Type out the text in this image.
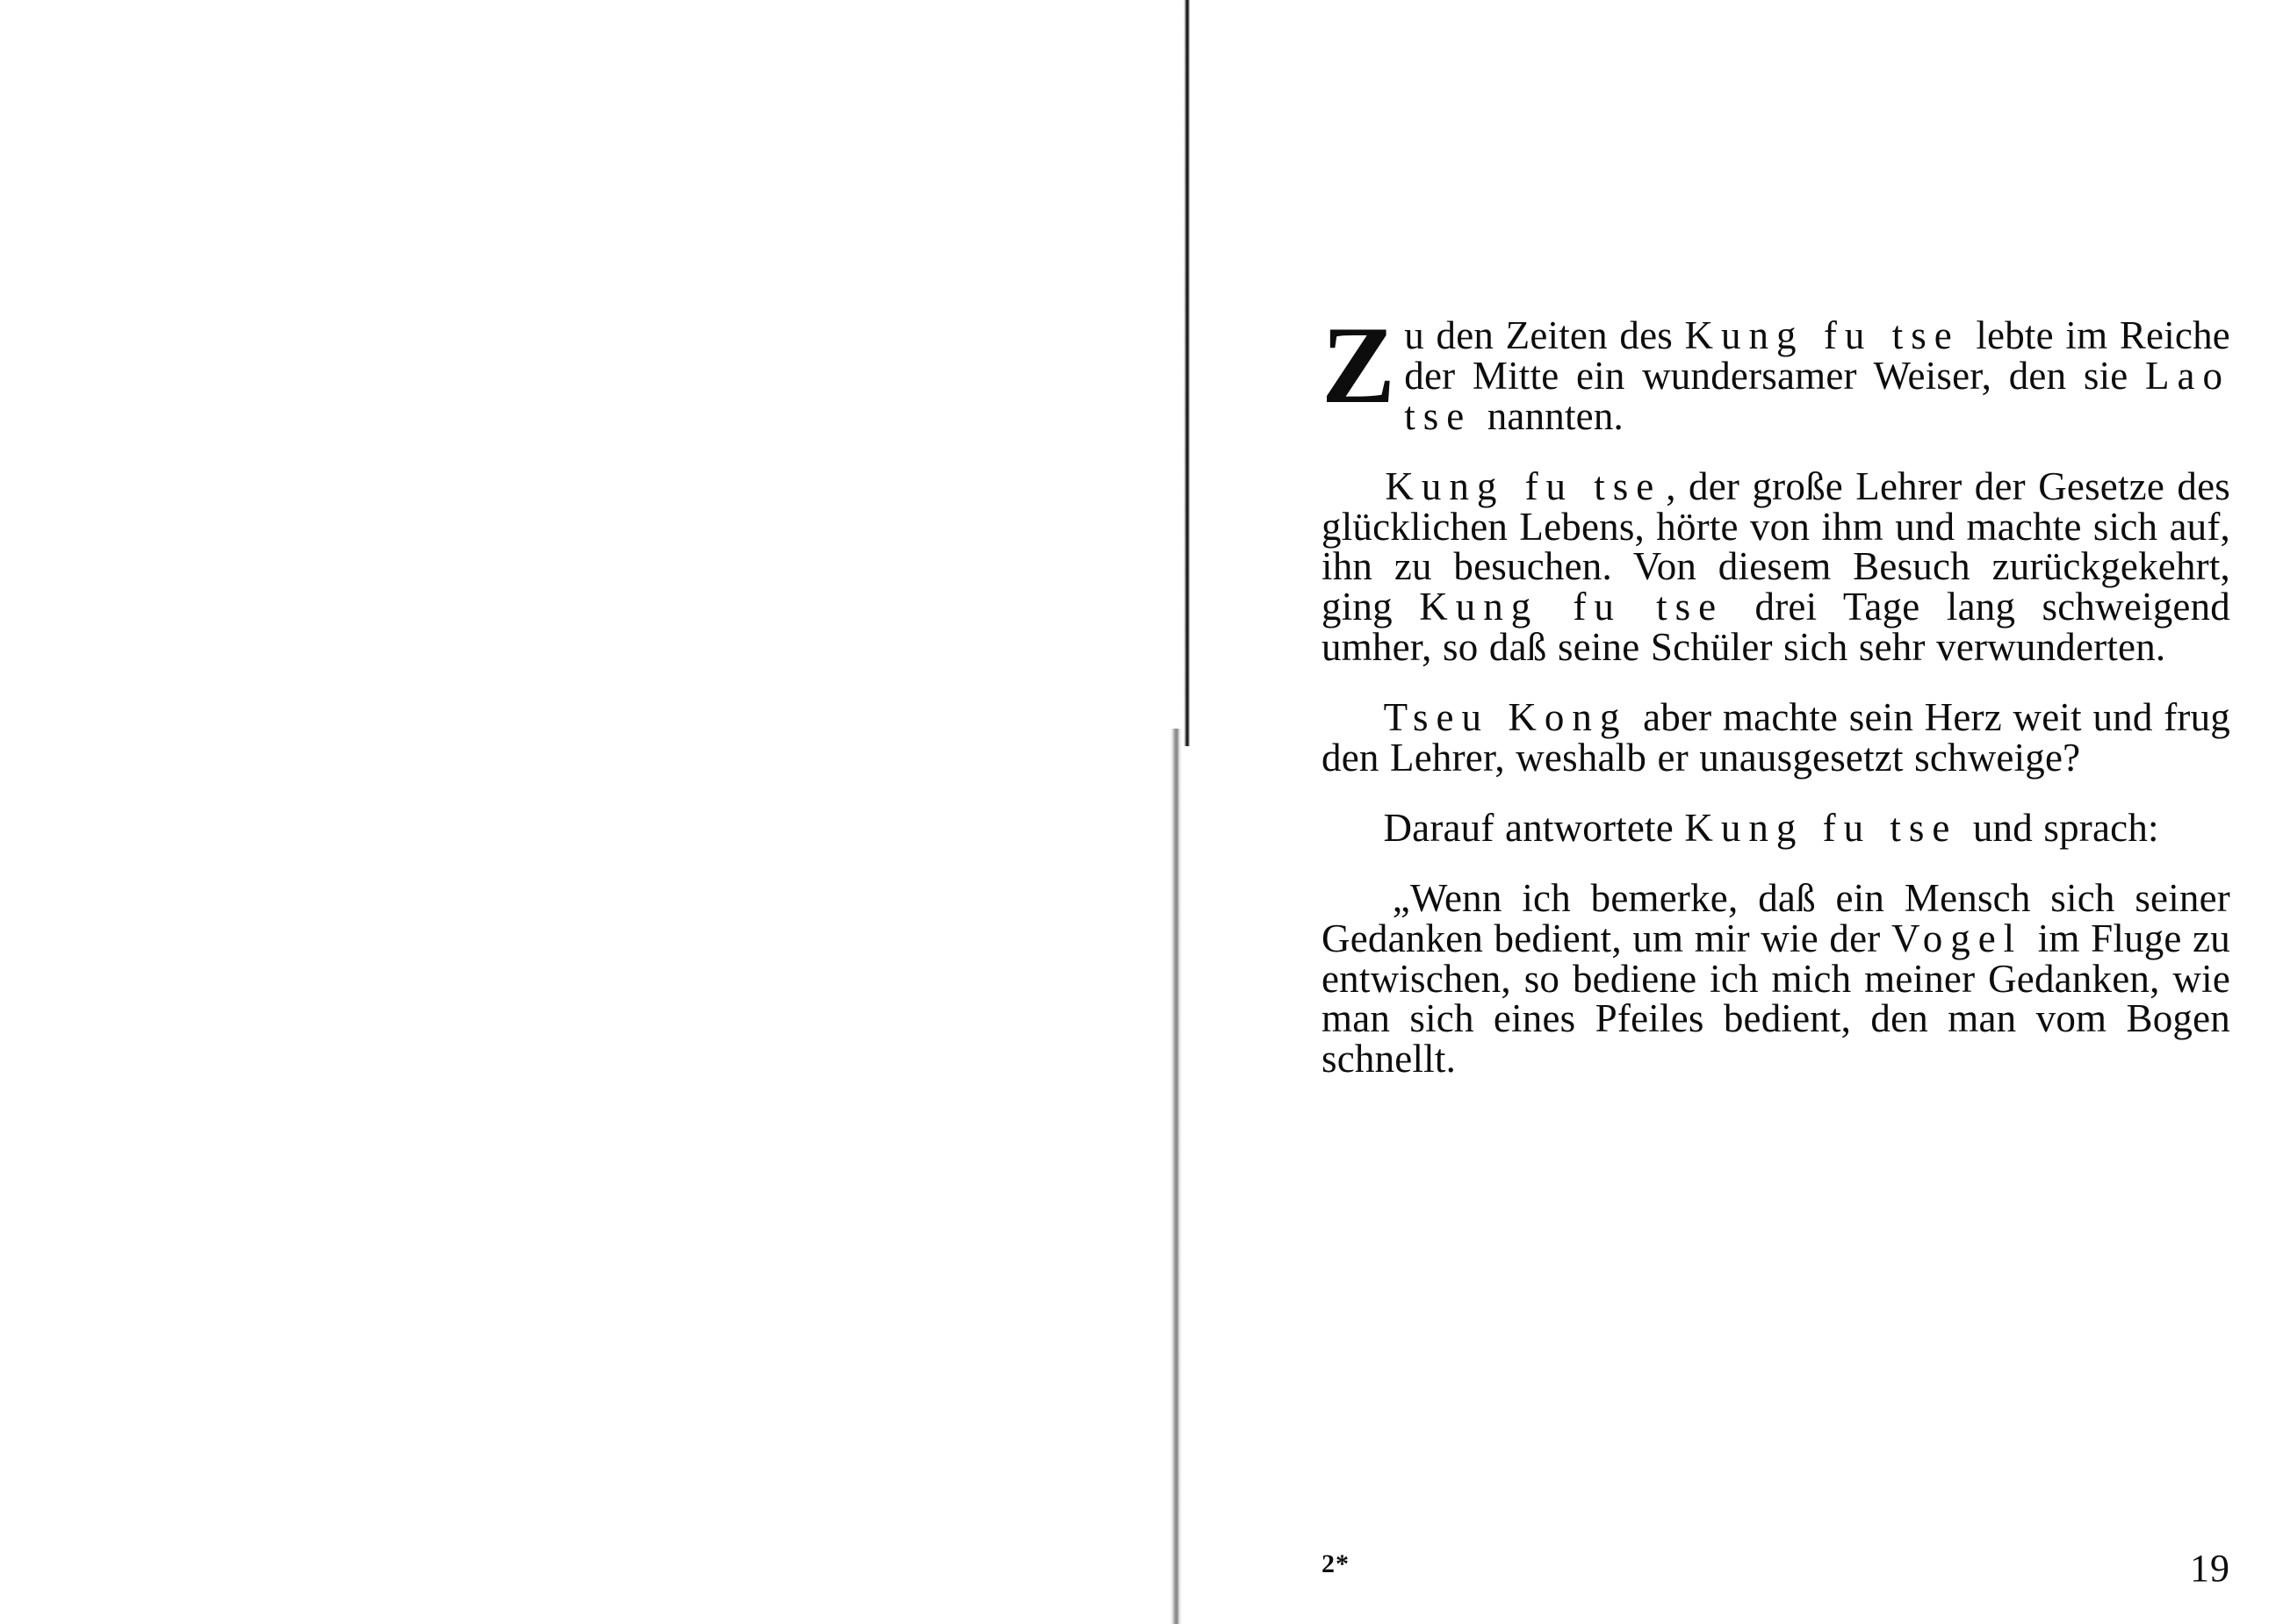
Zu den Zeiten des Kung fu tse lebte im Reiche der Mitte ein wundersamer Weiser, den sie Lao tse nannten.

Kung fu tse , der große Lehrer der Gesetze des glücklichen Lebens, hörte von ihm und machte sich auf, ihn zu besuchen. Von diesem Besuch zurückgekehrt, ging Kung fu tse drei Tage lang schweigend umher, so daß seine Schüler sich sehr verwunderten.

Tseu Kong aber machte sein Herz weit und frug den Lehrer, weshalb er unausgesetzt schweige?

Darauf antwortete Kung fu tse und sprach:

„Wenn ich bemerke, daß ein Mensch sich seiner Gedanken bedient, um mir wie der Vogel im Fluge zu entwischen, so bediene ich mich meiner Gedanken, wie man sich eines Pfeiles bedient, den man vom Bogen schnellt.

2*	19
